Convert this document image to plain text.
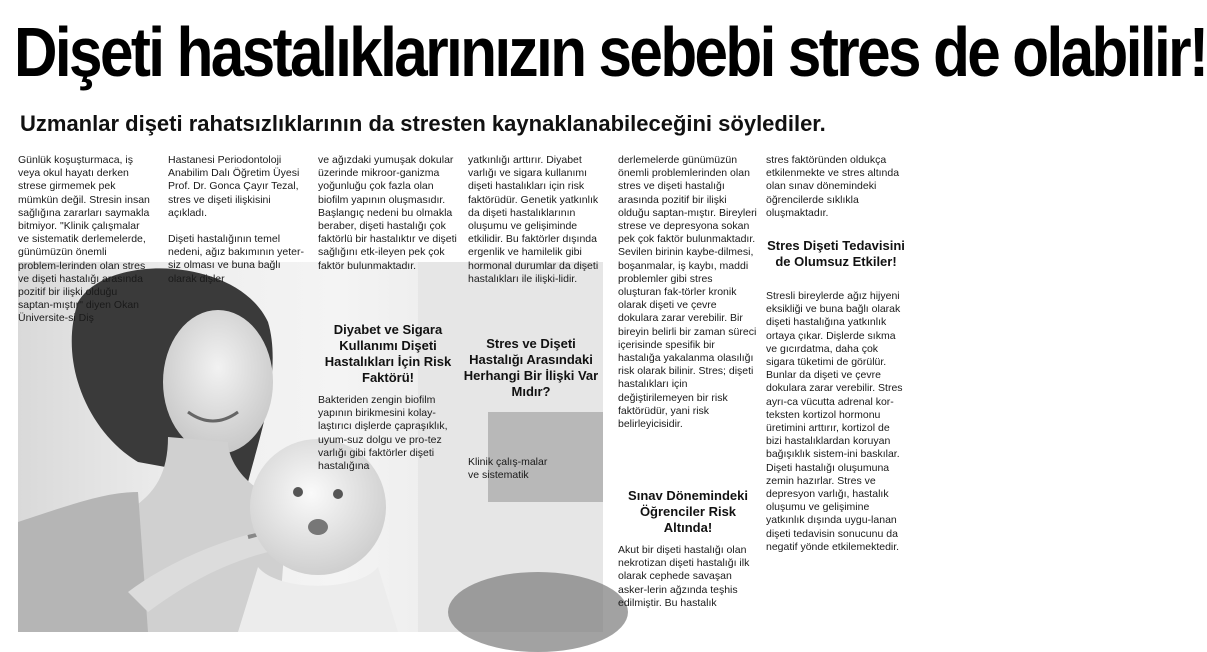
Dişeti hastalıklarınızın sebebi stres de olabilir!
Uzmanlar dişeti rahatsızlıklarının da stresten kaynaklanabileceğini söylediler.

Günlük koşuşturmaca, iş veya okul hayatı derken strese girmemek pek mümkün değil. Stresin insan sağlığına zararları saymakla bitmiyor. "Klinik çalışmalar ve sistematik derlemelerde, günümüzün önemli problem-lerinden olan stres ve dişeti hastalığı arasında pozitif bir ilişki olduğu saptan-mıştır" diyen Okan Üniversite-si Diş

Hastanesi Periodontoloji Anabilim Dalı Öğretim Üyesi Prof. Dr. Gonca Çayır Tezal, stres ve dişeti ilişkisini açıkladı.

Dişeti hastalığının temel nedeni, ağız bakımının yeter-siz olması ve buna bağlı olarak dişler

ve ağızdaki yumuşak dokular üzerinde mikroor-ganizma yoğunluğu çok fazla olan biofilm yapının oluşmasıdır. Başlangıç nedeni bu olmakla beraber, dişeti hastalığı çok faktörlü bir hastalıktır ve dişeti sağlığını etk-ileyen pek çok faktör bulunmaktadır.

Diyabet ve Sigara Kullanımı Dişeti Hastalıkları İçin Risk Faktörü!
Bakteriden zengin biofilm yapının birikmesini kolay-laştırıcı dişlerde çapraşıklık, uyum-suz dolgu ve pro-tez varlığı gibi faktörler dişeti hastalığına

yatkınlığı arttırır. Diyabet varlığı ve sigara kullanımı dişeti hastalıkları için risk faktörüdür. Genetik yatkınlık da dişeti hastalıklarının oluşumu ve gelişiminde etkilidir. Bu faktörler dışında ergenlik ve hamilelik gibi hormonal durumlar da dişeti hastalıkları ile ilişki-lidir.

Stres ve Dişeti Hastalığı Arasındaki Herhangi Bir İlişki Var Mıdır?
Klinik çalış-malar ve sistematik

derlemelerde günümüzün önemli problemlerinden olan stres ve dişeti hastalığı arasında pozitif bir ilişki olduğu saptan-mıştır. Bireyleri strese ve depresyona sokan pek çok faktör bulunmaktadır. Sevilen birinin kaybe-dilmesi, boşanmalar, iş kaybı, maddi problemler gibi stres oluşturan fak-törler kronik olarak dişeti ve çevre dokulara zarar verebilir. Bir bireyin belirli bir zaman süreci içerisinde spesifik bir hastalığa yakalanma olasılığı risk olarak bilinir. Stres; dişeti hastalıkları için değiştirilemeyen bir risk faktörüdür, yani risk belirleyicisidir.

Sınav Dönemindeki Öğrenciler Risk Altında!
Akut bir dişeti hastalığı olan nekrotizan dişeti hastalığı ilk olarak cephede savaşan asker-lerin ağzında teşhis edilmiştir. Bu hastalık

stres faktöründen oldukça etkilenmekte ve stres altında olan sınav dönemindeki öğrencilerde sıklıkla oluşmaktadır.

Stres Dişeti Tedavisini de Olumsuz Etkiler!
Stresli bireylerde ağız hijyeni eksikliği ve buna bağlı olarak dişeti hastalığına yatkınlık ortaya çıkar. Dişlerde sıkma ve gıcırdatma, daha çok sigara tüketimi de görülür. Bunlar da dişeti ve çevre dokulara zarar verebilir. Stres ayrı-ca vücutta adrenal kor-teksten kortizol hormonu üretimini arttırır, kortizol de bizi hastalıklardan koruyan bağışıklık sistem-ini baskılar. Dişeti hastalığı oluşumuna zemin hazırlar. Stres ve depresyon varlığı, hastalık oluşumu ve gelişimine yatkınlık dışında uygu-lanan dişeti tedavisin sonucunu da negatif yönde etkilemektedir.
